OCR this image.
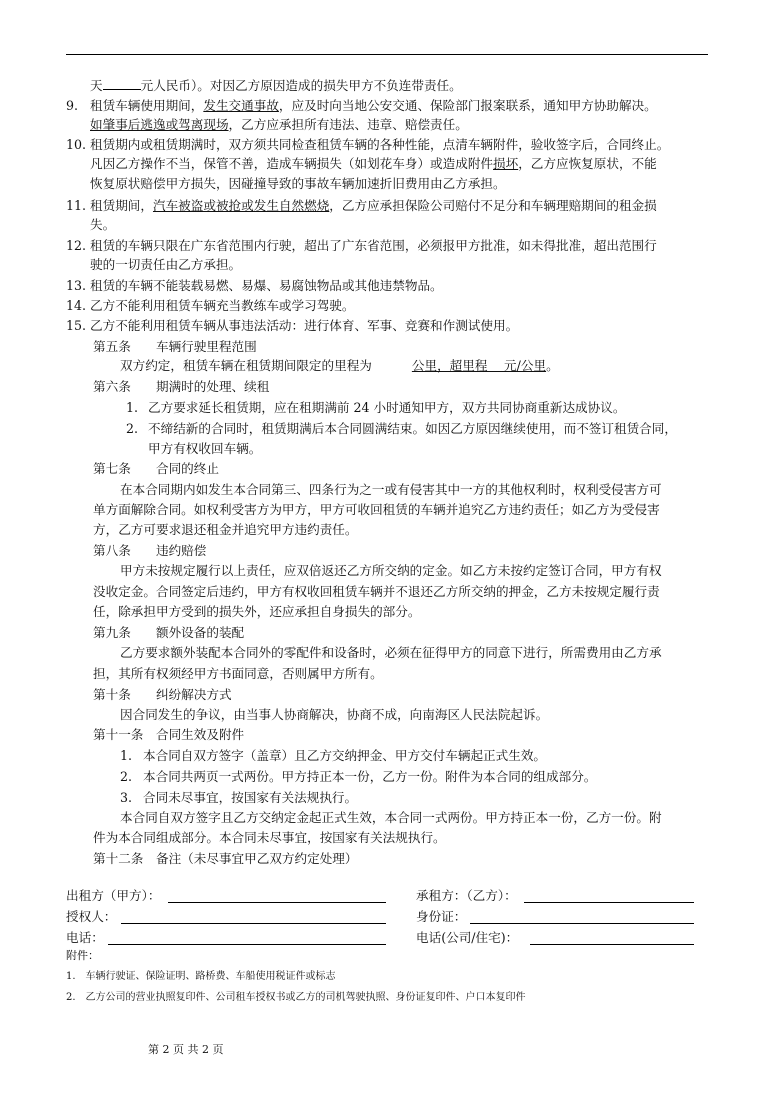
天	元人民币）。对因乙方原因造成的损失甲方不负连带责任。
9. 租赁车辆使用期间，发生交通事故，应及时向当地公安交通、保险部门报案联系，通知甲方协助解决。
如肇事后逃逸或驾离现场，乙方应承担所有违法、违章、赔偿责任。
10. 租赁期内或租赁期满时，双方须共同检查租赁车辆的各种性能，点清车辆附件，验收签字后，合同终止。
凡因乙方操作不当，保管不善，造成车辆损失（如划花车身）或造成附件损坏，乙方应恢复原状，不能
恢复原状赔偿甲方损失，因碰撞导致的事故车辆加速折旧费用由乙方承担。
11. 租赁期间，汽车被盗或被抢或发生自然燃烧，乙方应承担保险公司赔付不足分和车辆理赔期间的租金损
失。
12. 租赁的车辆只限在广东省范围内行驶，超出了广东省范围，必须报甲方批准，如未得批准，超出范围行
驶的一切责任由乙方承担。
13. 租赁的车辆不能装载易燃、易爆、易腐蚀物品或其他违禁物品。
14. 乙方不能利用租赁车辆充当教练车或学习驾驶。
15. 乙方不能利用租赁车辆从事违法活动：进行体育、军事、竞赛和作测试使用。
第五条　　车辆行驶里程范围
双方约定，租赁车辆在租赁期间限定的里程为	公里，超里程　 元/公里。
第六条　　期满时的处理、续租
1. 乙方要求延长租赁期，应在租期满前 24 小时通知甲方，双方共同协商重新达成协议。
2. 不缔结新的合同时，租赁期满后本合同圆满结束。如因乙方原因继续使用，而不签订租赁合同，
甲方有权收回车辆。
第七条　　合同的终止
在本合同期内如发生本合同第三、四条行为之一或有侵害其中一方的其他权利时，权利受侵害方可
单方面解除合同。如权利受害方为甲方，甲方可收回租赁的车辆并追究乙方违约责任；如乙方为受侵害
方，乙方可要求退还租金并追究甲方违约责任。
第八条　　违约赔偿
甲方未按规定履行以上责任，应双倍返还乙方所交纳的定金。如乙方未按约定签订合同，甲方有权
没收定金。合同签定后违约，甲方有权收回租赁车辆并不退还乙方所交纳的押金，乙方未按规定履行责
任，除承担甲方受到的损失外，还应承担自身损失的部分。
第九条　　额外设备的装配
乙方要求额外装配本合同外的零配件和设备时，必须在征得甲方的同意下进行，所需费用由乙方承
担，其所有权须经甲方书面同意，否则属甲方所有。
第十条　　纠纷解决方式
因合同发生的争议，由当事人协商解决，协商不成，向南海区人民法院起诉。
第十一条　合同生效及附件
1. 本合同自双方签字（盖章）且乙方交纳押金、甲方交付车辆起正式生效。
2. 本合同共两页一式两份。甲方持正本一份，乙方一份。附件为本合同的组成部分。
3. 合同未尽事宜，按国家有关法规执行。
本合同自双方签字且乙方交纳定金起正式生效，本合同一式两份。甲方持正本一份，乙方一份。附
件为本合同组成部分。本合同未尽事宜，按国家有关法规执行。
第十二条　备注（未尽事宜甲乙双方约定处理）
出租方（甲方）：
授权人：
电话：
承租方：（乙方）：
身份证：
电话(公司/住宅)：
附件：
1.　车辆行驶证、保险证明、路桥费、车船使用税证件或标志
2.　乙方公司的营业执照复印件、公司租车授权书或乙方的司机驾驶执照、身份证复印件、户口本复印件
第 2 页 共 2 页
